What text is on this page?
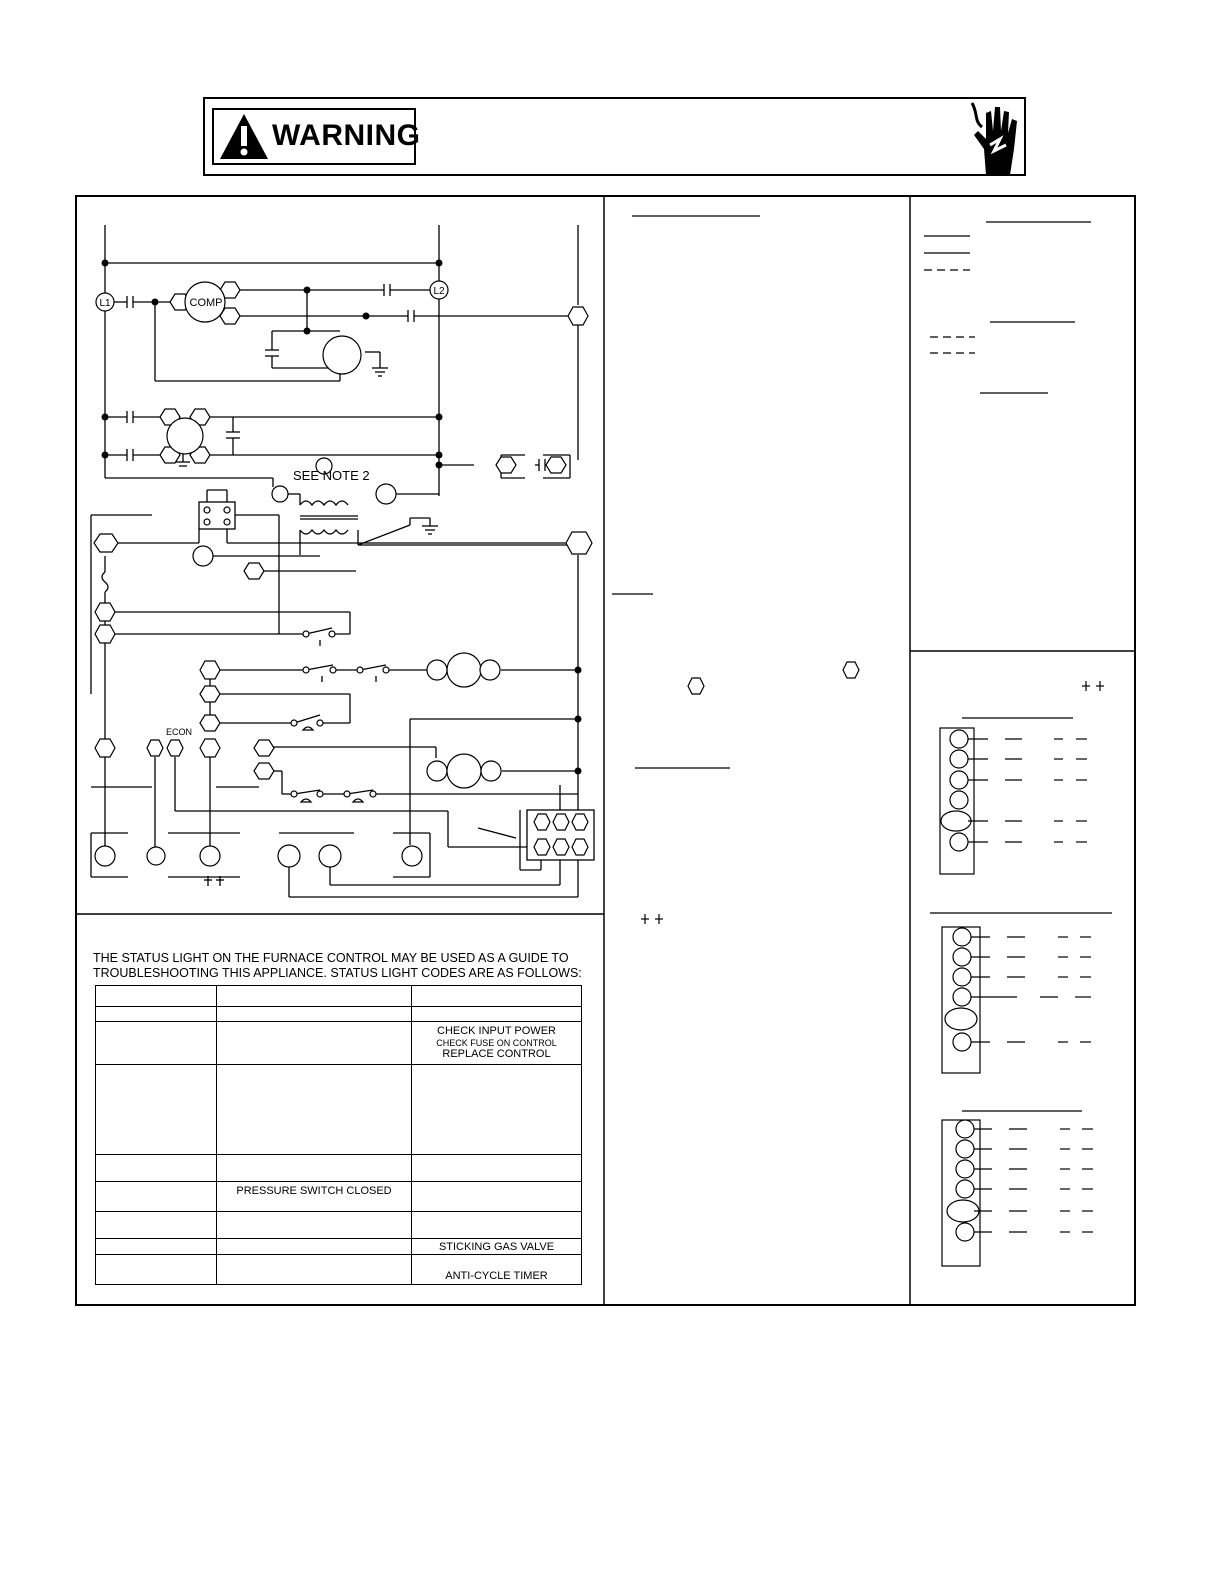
WARNING
L1
L2
COMP
SEE NOTE 2
ECON
THE STATUS LIGHT ON THE FURNACE CONTROL MAY BE USED AS A GUIDE TO
TROUBLESHOOTING THIS APPLIANCE. STATUS LIGHT CODES ARE AS FOLLOWS:

		CHECK INPUT POWER
CHECK FUSE ON CONTROL
REPLACE CONTROL

	PRESSURE SWITCH CLOSED	

		STICKING GAS VALVE
		ANTI-CYCLE TIMER
